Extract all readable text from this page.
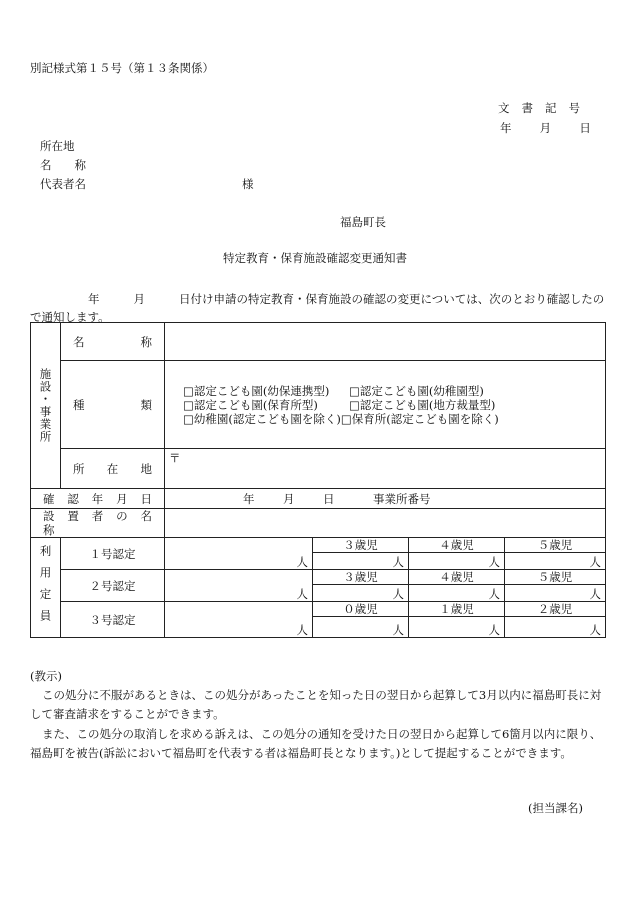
別記様式第１５号（第１３条関係）
文書記号
年 月 日
所在地
名　　称
代表者名	様
福島町長
特定教育・保育施設確認変更通知書
年	月	日付け申請の特定教育・保育施設の確認の変更については、次のとおり確認したので通知します。
施設・事業所	名　　称				
	種　　類	□認定こども園(幼保連携型) □認定こども園(幼稚園型)
□認定こども園(保育所型) □認定こども園(地方裁量型)
□幼稚園(認定こども園を除く)□保育所(認定こども園を除く)			

	所　在　地	〒			
確　認　年　月　日		年 月 日 事業所番号			
設　置　者　の　名　称					
利用定員	１号認定	人	３歳児	４歳児	５歳児
			人	人	人
	２号認定	人	３歳児	４歳児	５歳児
			人	人	人
	３号認定	人	０歳児	１歳児	２歳児
			人	人	人
(教示)
この処分に不服があるときは、この処分があったことを知った日の翌日から起算して3月以内に福島町長に対して審査請求をすることができます。
また、この処分の取消しを求める訴えは、この処分の通知を受けた日の翌日から起算して6箇月以内に限り、福島町を被告(訴訟において福島町を代表する者は福島町長となります。)として提起することができます。
(担当課名)
